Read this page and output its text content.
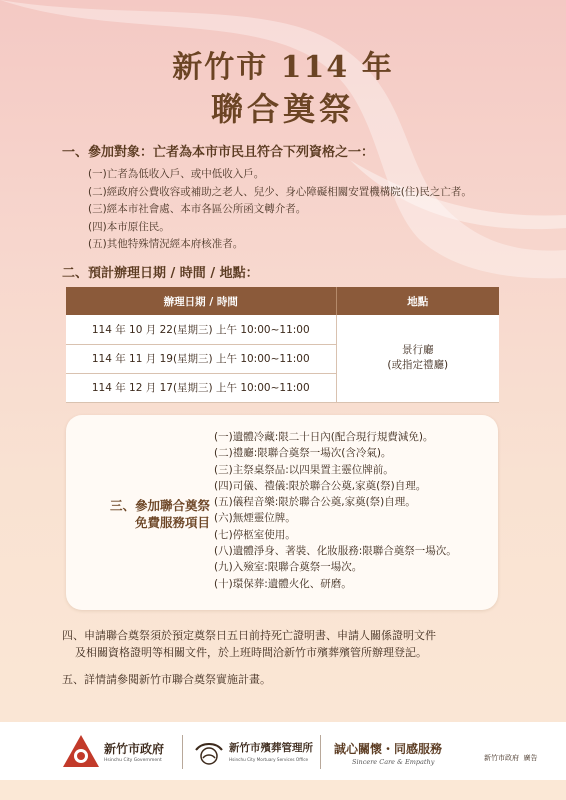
新竹市 114 年
聯合奠祭
一、參加對象：亡者為本市市民且符合下列資格之一：
(一)亡者為低收入戶、或中低收入戶。
(二)經政府公費收容或補助之老人、兒少、身心障礙相關安置機構院(住)民之亡者。
(三)經本市社會處、本市各區公所函文轉介者。
(四)本市原住民。
(五)其他特殊情況經本府核准者。
二、預計辦理日期 / 時間 / 地點：
辦理日期 / 時間	地點
114 年 10 月 22(星期三) 上午 10:00~11:00	景行廳
(或指定禮廳)

114 年 11 月 19(星期三) 上午 10:00~11:00	
114 年 12 月 17(星期三) 上午 10:00~11:00	
三、參加聯合奠祭
免費服務項目
(一)遺體冷藏:限二十日內(配合現行規費減免)。
(二)禮廳:限聯合奠祭一場次(含冷氣)。
(三)主祭桌祭品:以四果置主靈位牌前。
(四)司儀、禮儀:限於聯合公奠,家奠(祭)自理。
(五)儀程音樂:限於聯合公奠,家奠(祭)自理。
(六)無煙靈位牌。
(七)停柩室使用。
(八)遺體淨身、著裝、化妝服務:限聯合奠祭一場次。
(九)入殮室:限聯合奠祭一場次。
(十)環保葬:遺體火化、研磨。
四、申請聯合奠祭須於預定奠祭日五日前持死亡證明書、申請人關係證明文件
及相關資格證明等相關文件，於上班時間洽新竹市殯葬殯管所辦理登記。
五、詳情請參閱新竹市聯合奠祭實施計畫。
新竹市政府
Hsinchu City Government
新竹市殯葬管理所
Hsinchu City Mortuary Services Office
誠心關懷・同感服務
Sincere Care & Empathy	新竹市政府  廣告
